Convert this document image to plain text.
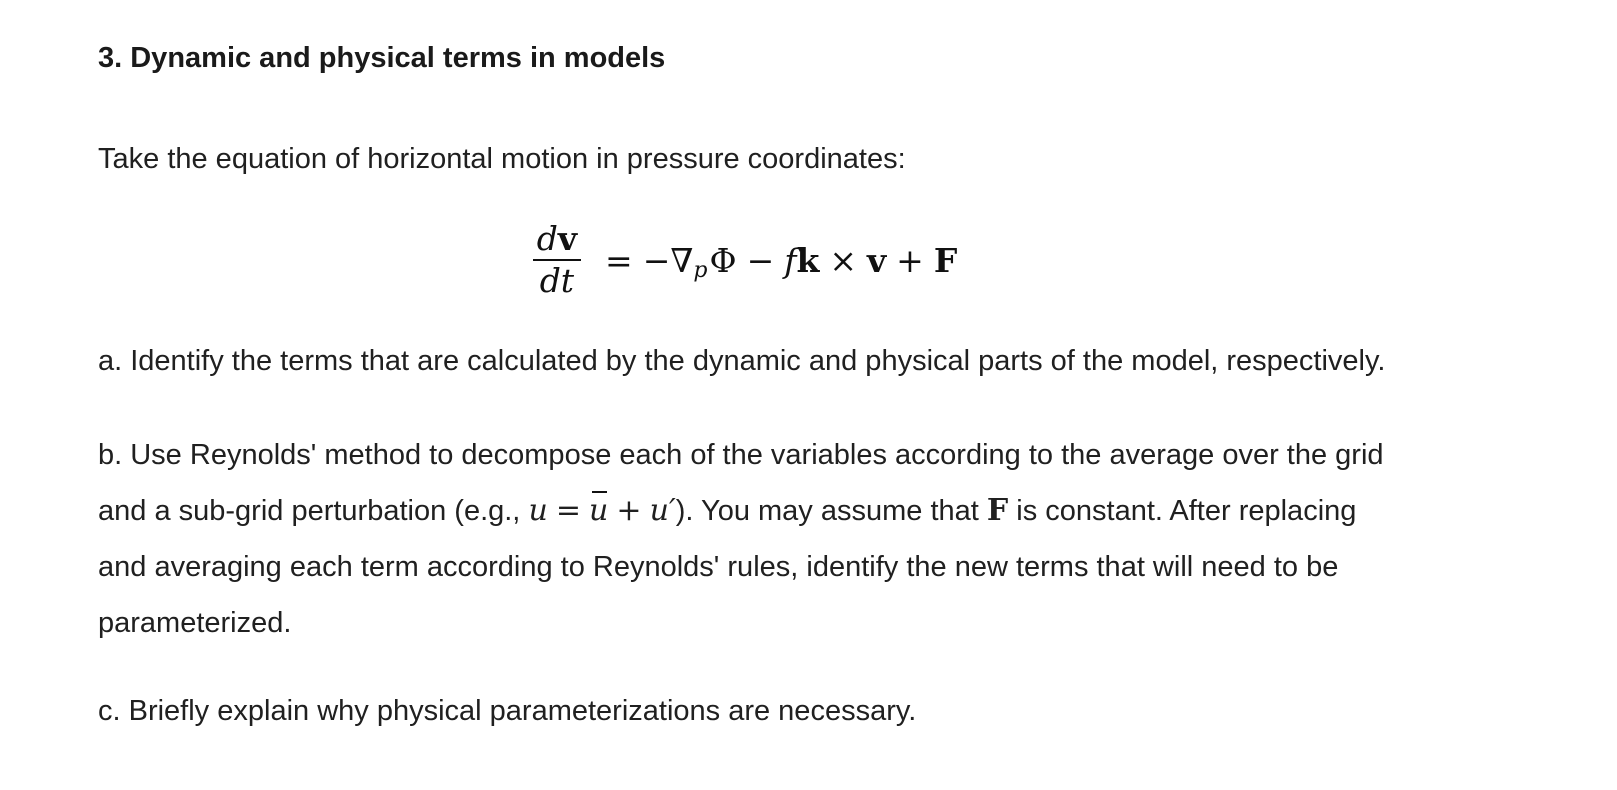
3. Dynamic and physical terms in models

Take the equation of horizontal motion in pressure coordinates:

$\frac{dv}{dt}$ = − ∇ p Φ − f k × v + F

a. Identify the terms that are calculated by the dynamic and physical parts of the model, respectively.

b. Use Reynolds' method to decompose each of the variables according to the average over the grid
and a sub-grid perturbation (e.g., u = u + u′). You may assume that F is constant. After replacing
and averaging each term according to Reynolds' rules, identify the new terms that will need to be
parameterized.

c. Briefly explain why physical parameterizations are necessary.
